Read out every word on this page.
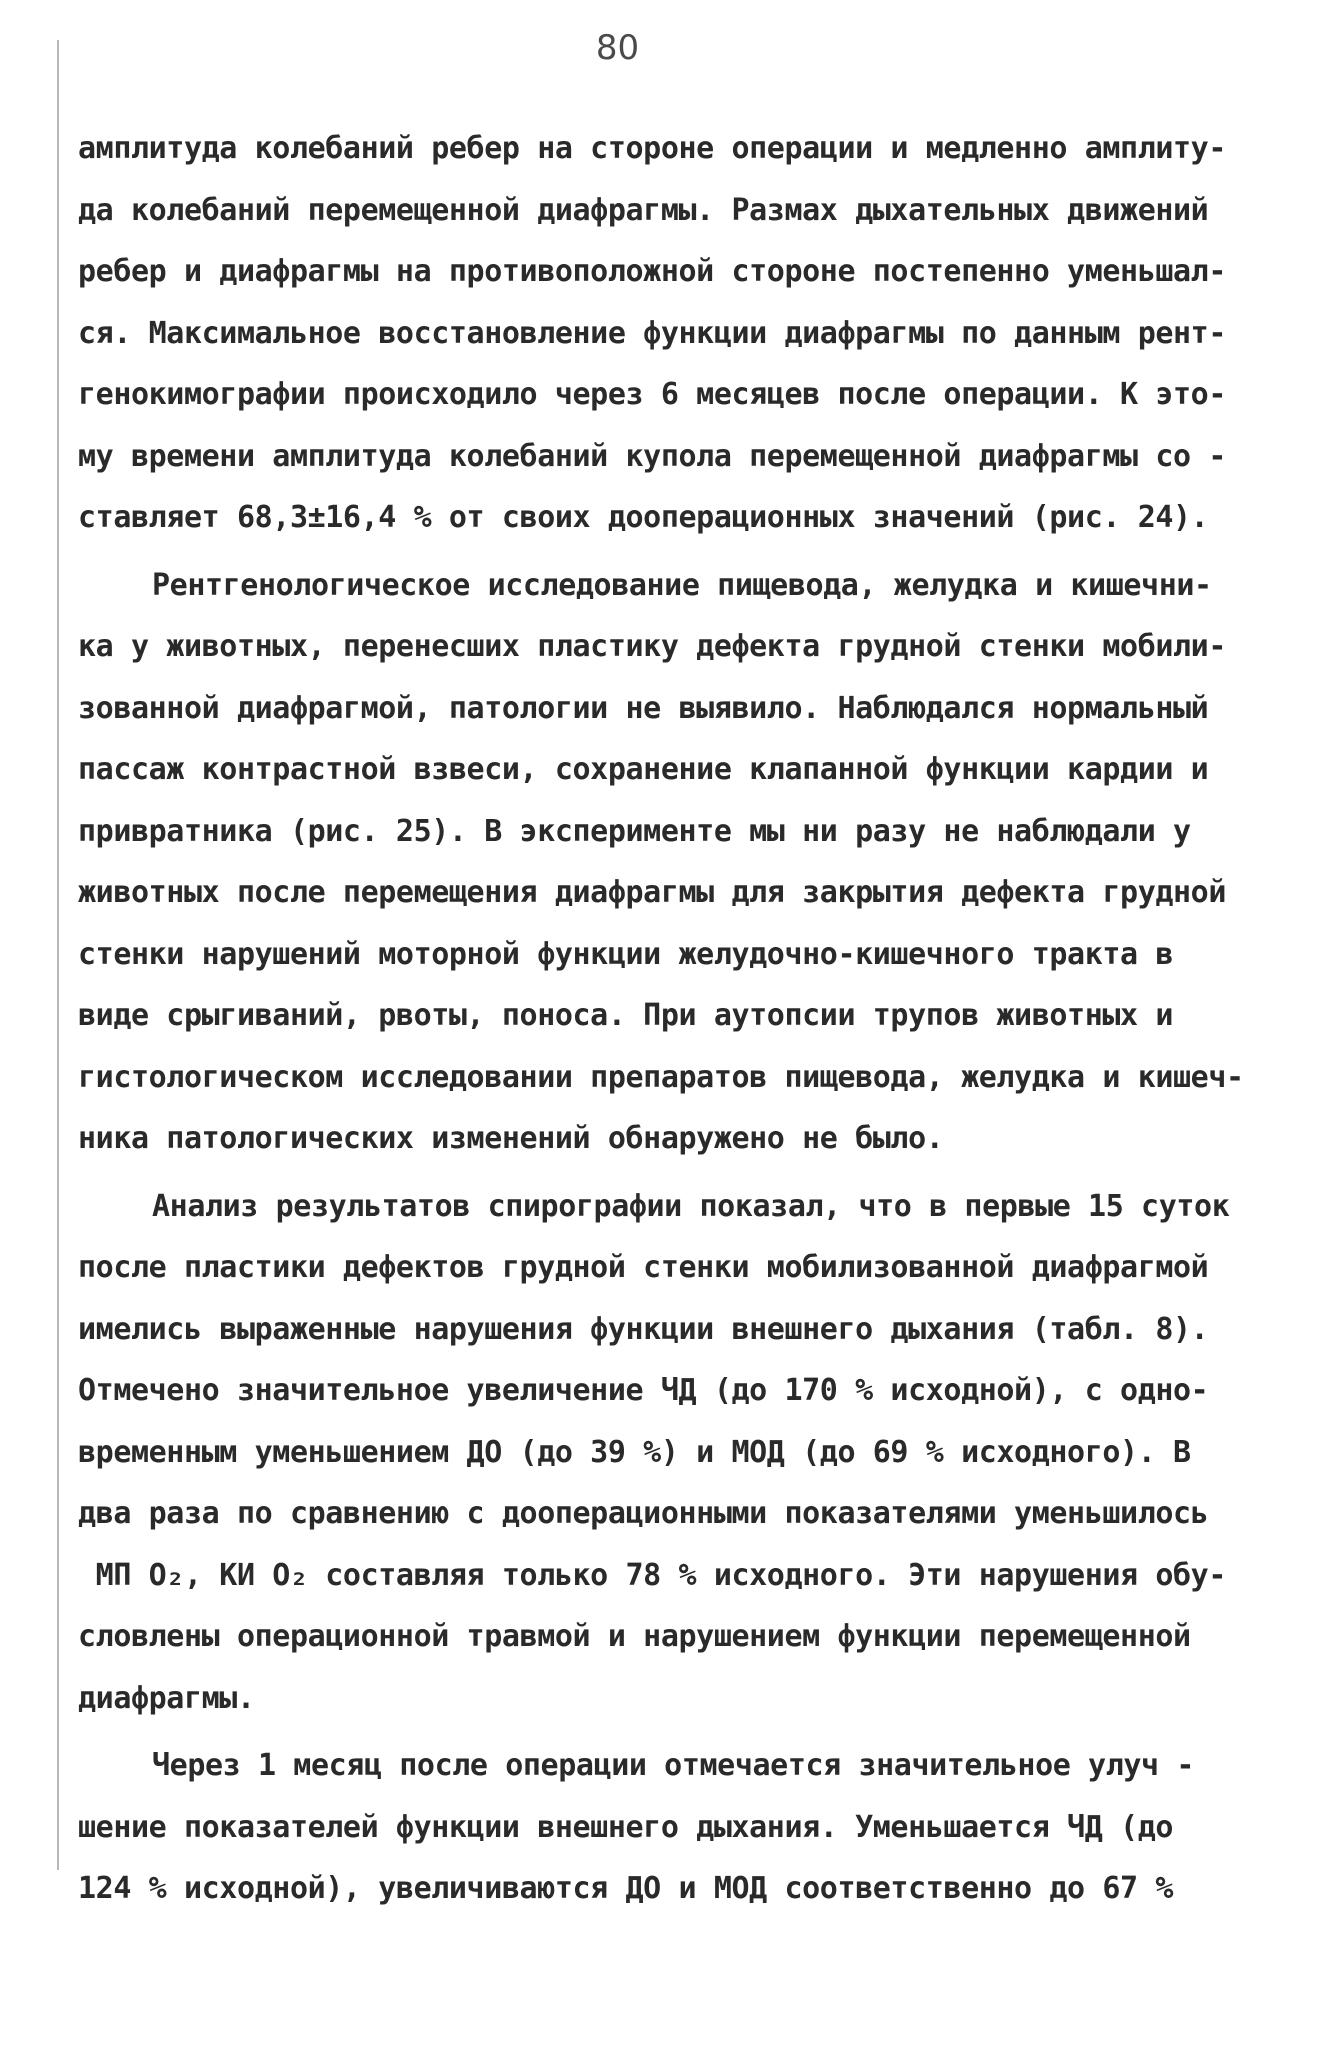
80
амплитуда колебаний ребер на стороне операции и медленно амплиту-
да колебаний перемещенной диафрагмы. Размах дыхательных движений
ребер и диафрагмы на противоположной стороне постепенно уменьшал-
ся. Максимальное восстановление функции диафрагмы по данным рент-
генокимографии происходило через 6 месяцев после операции. К это-
му времени амплитуда колебаний купола перемещенной диафрагмы со -
ставляет 68,3±16,4 % от своих дооперационных значений (рис. 24).
Рентгенологическое исследование пищевода, желудка и кишечни-
ка у животных, перенесших пластику дефекта грудной стенки мобили-
зованной диафрагмой, патологии не выявило. Наблюдался нормальный
пассаж контрастной взвеси, сохранение клапанной функции кардии и
привратника (рис. 25). В эксперименте мы ни разу не наблюдали у
животных после перемещения диафрагмы для закрытия дефекта грудной
стенки нарушений моторной функции желудочно-кишечного тракта в
виде срыгиваний, рвоты, поноса. При аутопсии трупов животных и
гистологическом исследовании препаратов пищевода, желудка и кишеч-
ника патологических изменений обнаружено не было.
Анализ результатов спирографии показал, что в первые 15 суток
после пластики дефектов грудной стенки мобилизованной диафрагмой
имелись выраженные нарушения функции внешнего дыхания (табл. 8).
Отмечено значительное увеличение ЧД (до 170 % исходной), с одно-
временным уменьшением ДО (до 39 %) и МОД (до 69 % исходного). В
два раза по сравнению с дооперационными показателями уменьшилось
МП O₂, КИ O₂ составляя только 78 % исходного. Эти нарушения обу-
словлены операционной травмой и нарушением функции перемещенной
диафрагмы.
Через 1 месяц после операции отмечается значительное улуч -
шение показателей функции внешнего дыхания. Уменьшается ЧД (до
124 % исходной), увеличиваются ДО и МОД соответственно до 67 %
